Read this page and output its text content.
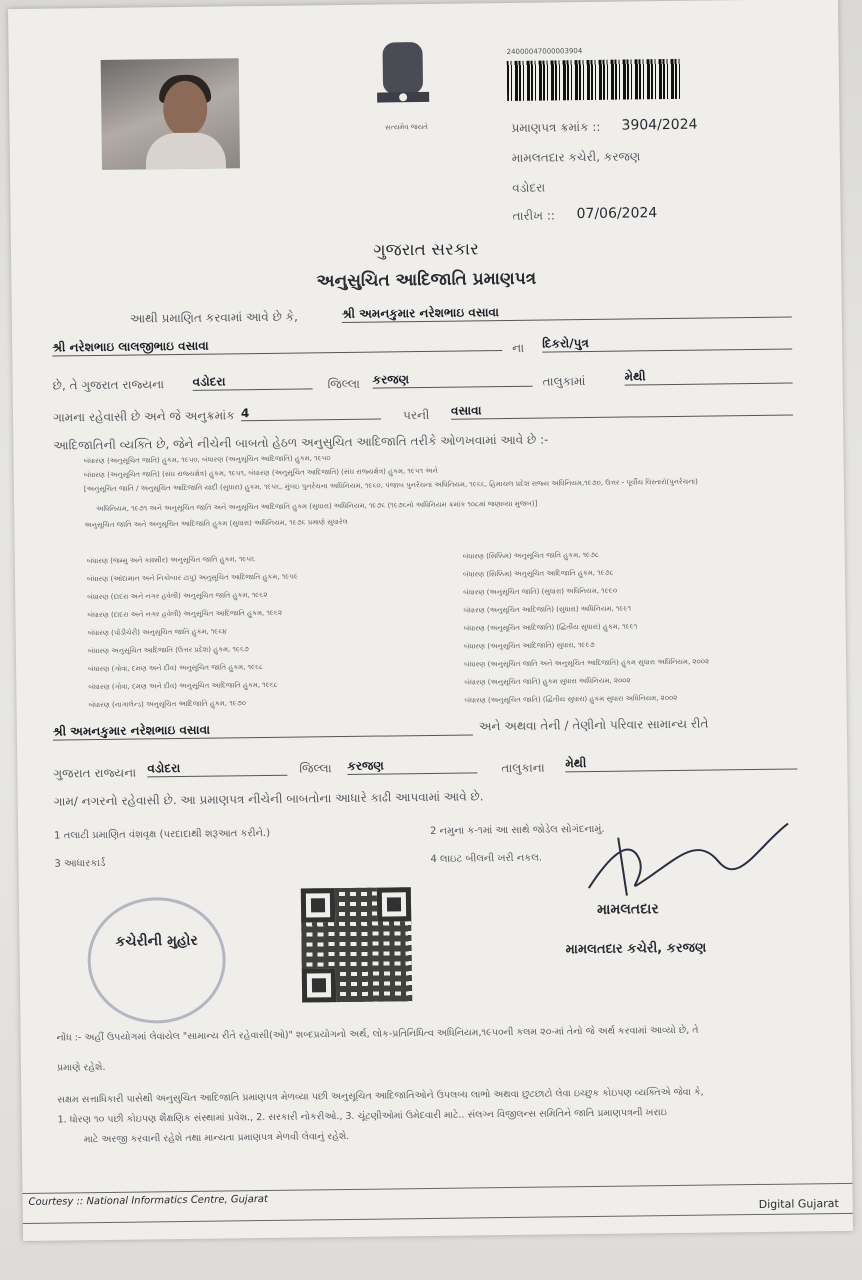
સત્યમેવ જયતે
24000047000003904
પ્રમાણપત્ર ક્રમાંક :: 3904/2024
મામલતદાર કચેરી, કરજણ
વડોદરા
તારીખ :: 07/06/2024
ગુજરાત સરકાર
અનુસુચિત આદિજાતિ પ્રમાણપત્ર
આથી પ્રમાણિત કરવામાં આવે છે કે,	શ્રી અમનકુમાર નરેશભાઇ વસાવા
શ્રી નરેશભાઇ લાલજીભાઇ વસાવા	ના દિકરો/પુત્ર
છે, તે ગુજરાત રાજ્યના વડોદરા	જિલ્લા કરજણ	તાલુકામાં	મેથી
ગામના રહેવાસી છે અને જે અનુક્રમાંક 4	પરની વસાવા
આદિજાતિની વ્યક્તિ છે, જેને નીચેની બાબતો હેઠળ અનુસુચિત આદિજાતિ તરીકે ઓળખવામાં આવે છે :-
બંધારણ (અનુસૂચિત જાતિ) હુકમ, ૧૯૫૦, બંધારણ (અનુસૂચિત આદિજાતિ) હુકમ, ૧૯૫૦
બંધારણ (અનુસૂચિત જાતિ) (સંઘ રાજ્યક્ષેત્ર) હુકમ, ૧૯૫૧, બંધારણ (અનુસૂચિત આદિજાતિ) (સંઘ રાજ્યક્ષેત્ર) હુકમ, ૧૯૫૧ અને
[અનુસૂચિત જાતિ / અનુસૂચિત આદિજાતિ યાદી (સુધારા) હુકમ, ૧૯૫૬, મુંબઇ પુનર્રચના અધિનિયમ, ૧૯૬૦, પંજાબ પુનર્રચના અધિનિયમ, ૧૯૬૬, હિમાચલ પ્રદેશ રાજ્ય અધિનિયમ,૧૯૭૦, ઉત્તર - પૂર્વીય વિસ્તારો(પુનર્રચના)
અધિનિયમ, ૧૯૭૧ અને અનુસૂચિત જાતિ અને અનુસૂચિત આદિજાતિ હુકમ (સુધારા) અધિનિયમ, ૧૯૭૬ (૧૯૭૬નો અધિનિયમ ક્રમાંક ૧૦૮માં જણાવ્યા મુજબ)]
અનુસૂચિત જાતિ અને અનુસૂચિત આદિજાતિ હુકમ (સુધારા) અધિનિયમ, ૧૯૭૬ પ્રમાણે સુધારેલ
બંધારણ (જમ્મુ અને કાશ્મીર) અનુસૂચિત જાતિ હુકમ, ૧૯૫૬
બંધારણ (આંદામાન અને નિકોબાર ટાપુ) અનુસૂચિત આદિજાતિ હુકમ, ૧૯૫૯
બંધારણ (દાદરા અને નગર હવેલી) અનુસૂચિત જાતિ હુકમ, ૧૯૬૨
બંધારણ (દાદરા અને નગર હવેલી) અનુસૂચિત આદિજાતિ હુકમ, ૧૯૬૨
બંધારણ (પોંડીચેરી) અનુસૂચિત જાતિ હુકમ, ૧૯૬૪
બંધારણ અનુસૂચિત આદિજાતિ (ઉત્તર પ્રદેશ) હુકમ, ૧૯૬૭
બંધારણ (ગોવા, દમણ અને દીવ) અનુસૂચિત જાતિ હુકમ, ૧૯૬૮
બંધારણ (ગોવા, દમણ અને દીવ) અનુસૂચિત આદિજાતિ હુકમ, ૧૯૬૮
બંધારણ (નાગાલેન્ડ) અનુસૂચિત આદિજાતિ હુકમ, ૧૯૭૦
બંધારણ (સિક્કિમ) અનુસૂચિત જાતિ હુકમ, ૧૯૭૮
બંધારણ (સિક્કિમ) અનુસૂચિત આદિજાતિ હુકમ, ૧૯૭૮
બંધારણ (અનુસૂચિત જાતિ) (સુધારા) અધિનિયમ, ૧૯૯૦
બંધારણ (અનુસૂચિત આદિજાતિ) (સુધારા) અધિનિયમ, ૧૯૯૧
બંધારણ (અનુસૂચિત આદિજાતિ) (દ્વિતીય સુધારા) હુકમ, ૧૯૯૧
બંધારણ (અનુસૂચિત આદિજાતિ) સુધારા, ૧૯૯૭
બંધારણ (અનુસૂચિત જાતિ અને અનુસૂચિત આદિજાતિ) હુકમ સુધારા અધિનિયમ, ૨૦૦૨
બંધારણ (અનુસૂચિત જાતિ) હુકમ સુધારા અધિનિયમ, ૨૦૦૨
બંધારણ (અનુસૂચિત જાતિ) (દ્વિતીય સુધારા) હુકમ સુધારા અધિનિયમ, ૨૦૦૨
શ્રી અમનકુમાર નરેશભાઇ વસાવા	અને અથવા તેની / તેણીનો પરિવાર સામાન્ય રીતે
ગુજરાત રાજ્યના વડોદરા	જિલ્લા કરજણ	તાલુકાના મેથી
ગામ/ નગરનો રહેવાસી છે. આ પ્રમાણપત્ર નીચેની બાબતોના આધારે કાઢી આપવામાં આવે છે.
1 તલાટી પ્રમાણિત વંશવૃક્ષ (પરદાદાથી શરૂઆત કરીને.)	2 નમુના ક-૧માં આ સાથે જોડેલ સોગંદનામું.
3 આધારકાર્ડ	4 લાઇટ બીલની ખરી નકલ.
કચેરીની મુહોર
મામલતદાર
મામલતદાર કચેરી, કરજણ
નોંધ :- અહીં ઉપયોગમાં લેવાયેલ "સામાન્ય રીતે રહેવાસી(ઓ)" શબ્દપ્રયોગનો અર્થ, લોક-પ્રતિનિધિત્વ અધિનિયમ,૧૯૫૦ની કલમ ૨૦-માં તેનો જે અર્થ કરવામાં આવ્યો છે, તે
પ્રમાણે રહેશે.
સક્ષમ સત્તાધિકારી પાસેથી અનુસુચિત આદિજાતિ પ્રમાણપત્ર મેળવ્યા પછી અનુસૂચિત આદિજાતિઓને ઉપલબ્ધ લાભો અથવા છુટછાટો લેવા ઇચ્છુક કોઇપણ વ્યક્તિએ જેવા કે,
1. ધોરણ ૧૦ પછી કોઇપણ શૈક્ષણિક સંસ્થામાં પ્રવેશ., 2. સરકારી નોકરીઓ., 3. ચૂંટણીઓમાં ઉમેદવારી માટે.. સંલગ્ન વિજીલન્સ સમિતિને જાતિ પ્રમાણપત્રની ખરાઇ
માટે અરજી કરવાની રહેશે તથા માન્યતા પ્રમાણપત્ર મેળવી લેવાનું રહેશે.
Courtesy :: National Informatics Centre, Gujarat	Digital Gujarat
